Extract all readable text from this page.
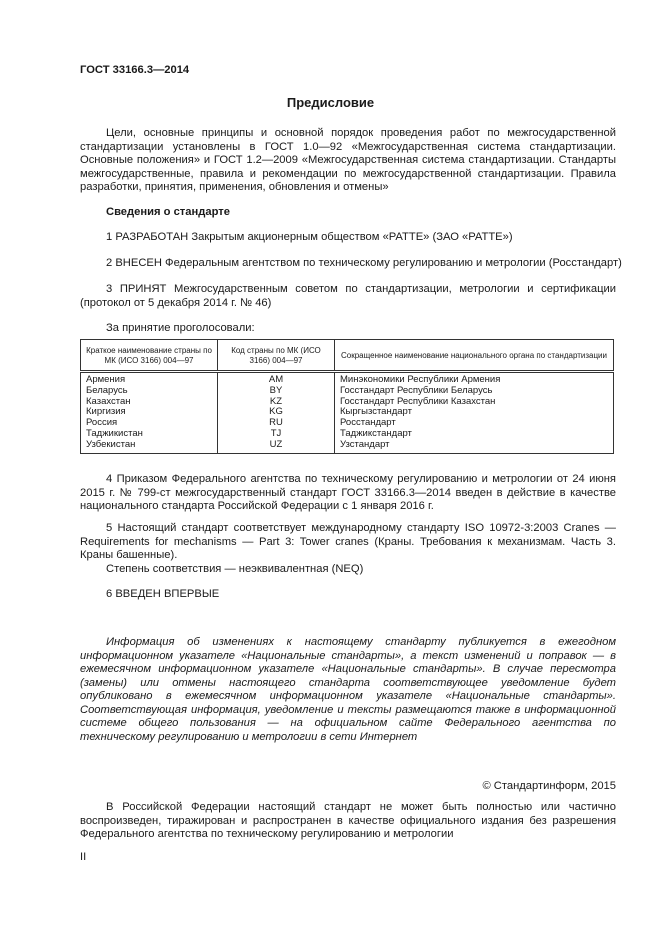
ГОСТ 33166.3—2014
Предисловие
Цели, основные принципы и основной порядок проведения работ по межгосударственной стандартизации установлены в ГОСТ 1.0—92 «Межгосударственная система стандартизации. Основные положения» и ГОСТ 1.2—2009 «Межгосударственная система стандартизации. Стандарты межгосударственные, правила и рекомендации по межгосударственной стандартизации. Правила разработки, принятия, применения, обновления и отмены»
Сведения о стандарте
1 РАЗРАБОТАН Закрытым акционерным обществом «PATTE» (ЗАО «PATTE»)
2 ВНЕСЕН Федеральным агентством по техническому регулированию и метрологии (Росстандарт)
3 ПРИНЯТ Межгосударственным советом по стандартизации, метрологии и сертификации (протокол от 5 декабря 2014 г. № 46)
За принятие проголосовали:
Краткое наименование страны по МК (ИСО 3166) 004—97	Код страны по МК (ИСО 3166) 004—97	Сокращенное наименование национального органа по стандартизации
Армения	AM	Минэкономики Республики Армения
Беларусь	BY	Госстандарт Республики Беларусь
Казахстан	KZ	Госстандарт Республики Казахстан
Киргизия	KG	Кыргызстандарт
Россия	RU	Росстандарт
Таджикистан	TJ	Таджикстандарт
Узбекистан	UZ	Узстандарт
4 Приказом Федерального агентства по техническому регулированию и метрологии от 24 июня 2015 г. № 799-ст межгосударственный стандарт ГОСТ 33166.3—2014 введен в действие в качестве национального стандарта Российской Федерации с 1 января 2016 г.
5 Настоящий стандарт соответствует международному стандарту ISO 10972-3:2003 Cranes — Requirements for mechanisms — Part 3: Tower cranes (Краны. Требования к механизмам. Часть 3. Краны башенные).
Степень соответствия — неэквивалентная (NEQ)
6 ВВЕДЕН ВПЕРВЫЕ
Информация об изменениях к настоящему стандарту публикуется в ежегодном информационном указателе «Национальные стандарты», а текст изменений и поправок — в ежемесячном информационном указателе «Национальные стандарты». В случае пересмотра (замены) или отмены настоящего стандарта соответствующее уведомление будет опубликовано в ежемесячном информационном указателе «Национальные стандарты». Соответствующая информация, уведомление и тексты размещаются также в информационной системе общего пользования — на официальном сайте Федерального агентства по техническому регулированию и метрологии в сети Интернет
© Стандартинформ, 2015
В Российской Федерации настоящий стандарт не может быть полностью или частично воспроизведен, тиражирован и распространен в качестве официального издания без разрешения Федерального агентства по техническому регулированию и метрологии
II
